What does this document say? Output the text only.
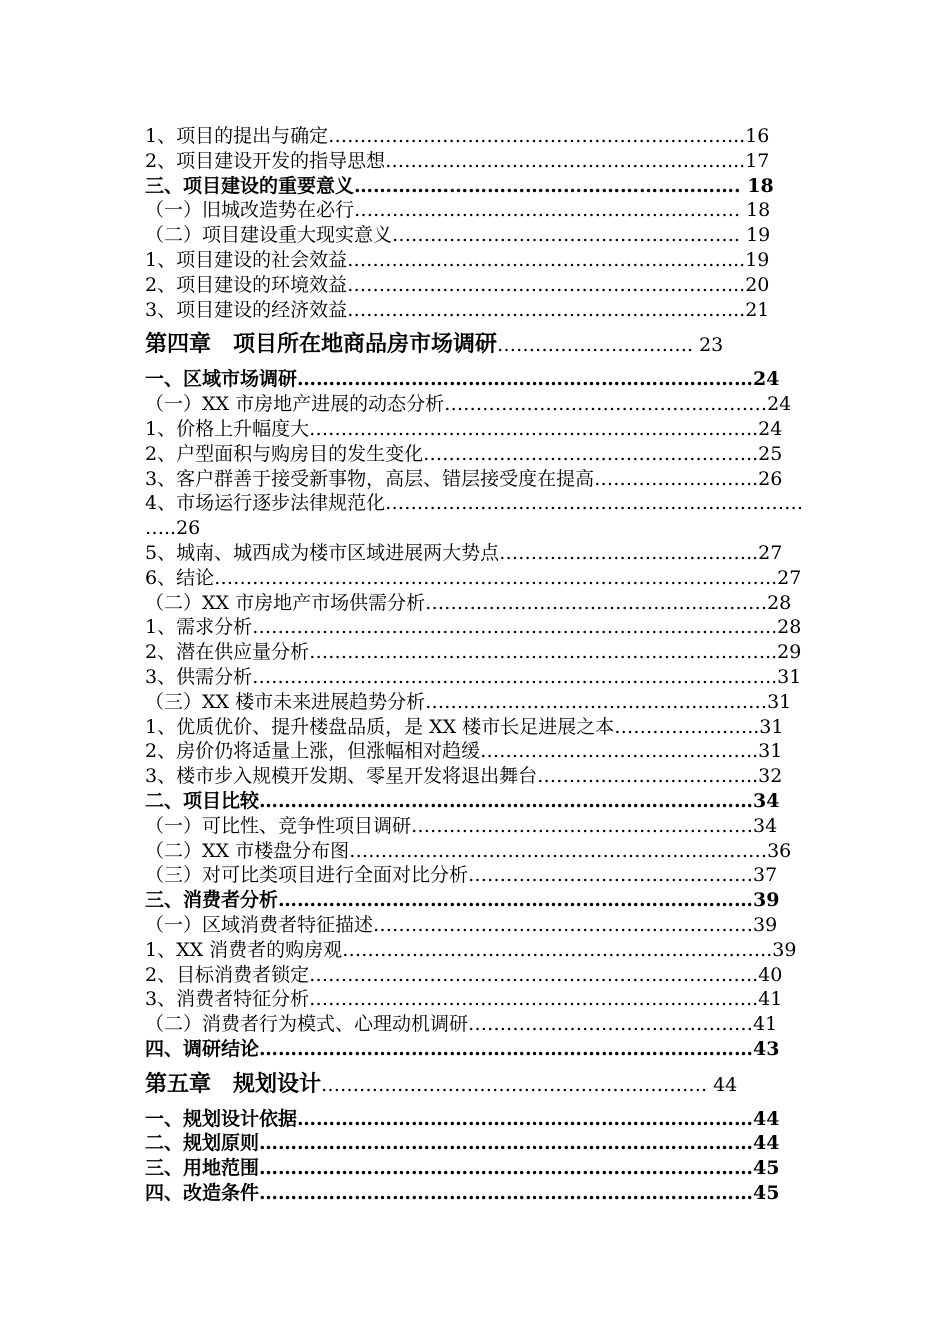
1、项目的提出与确定………………………………………………………...16
2、项目建设开发的指导思想………………………………………………...17
三、项目建设的重要意义……………………………………………………. 18
（一）旧城改造势在必行……………………………………………………. 18
（二）项目建设重大现实意义………………………………………………. 19
1、项目建设的社会效益……………………………………………………...19
2、项目建设的环境效益……………………………………………………...20
3、项目建设的经济效益……………………………………………………...21
第四章　项目所在地商品房市场调研…………………………. 23
一、区域市场调研………………………………………………………………24
（一）XX 市房地产进展的动态分析……………………………………………24
1、价格上升幅度大……………………………………………………………..24
2、户型面积与购房目的发生变化……………………………………………..25
3、客户群善于接受新事物，高层、错层接受度在提高……………………..26
4、市场运行逐步法律规范化…………………………………………………………
…..26
5、城南、城西成为楼市区域进展两大势点…………………………………..27
6、结论……………………………………………………………………………..27
（二）XX 市房地产市场供需分析………………………………………………28
1、需求分析………………………………………………………………………..28
2、潜在供应量分析………………………………………………………………..29
3、供需分析………………………………………………………………………..31
（三）XX 楼市未来进展趋势分析………………………………………………31
1、优质优价、提升楼盘品质，是 XX 楼市长足进展之本…………………..31
2、房价仍将适量上涨，但涨幅相对趋缓……………………………………..31
3、楼市步入规模开发期、零星开发将退出舞台……………………………..32
二、项目比较……………………………………………………………………34
（一）可比性、竞争性项目调研………………………………………………34
（二）XX 市楼盘分布图…………………………………………………………36
（三）对可比类项目进行全面对比分析………………………………………37
三、消费者分析…………………………………………………………………39
（一）区域消费者特征描述……………………………………………………39
1、XX 消费者的购房观…………………………………………………………..39
2、目标消费者锁定……………………………………………………………..40
3、消费者特征分析……………………………………………………………..41
（二）消费者行为模式、心理动机调研………………………………………41
四、调研结论……………………………………………………………………43
第五章　规划设计……………………………………………………. 44
一、规划设计依据………………………………………………………………44
二、规划原则……………………………………………………………………44
三、用地范围……………………………………………………………………45
四、改造条件……………………………………………………………………45
